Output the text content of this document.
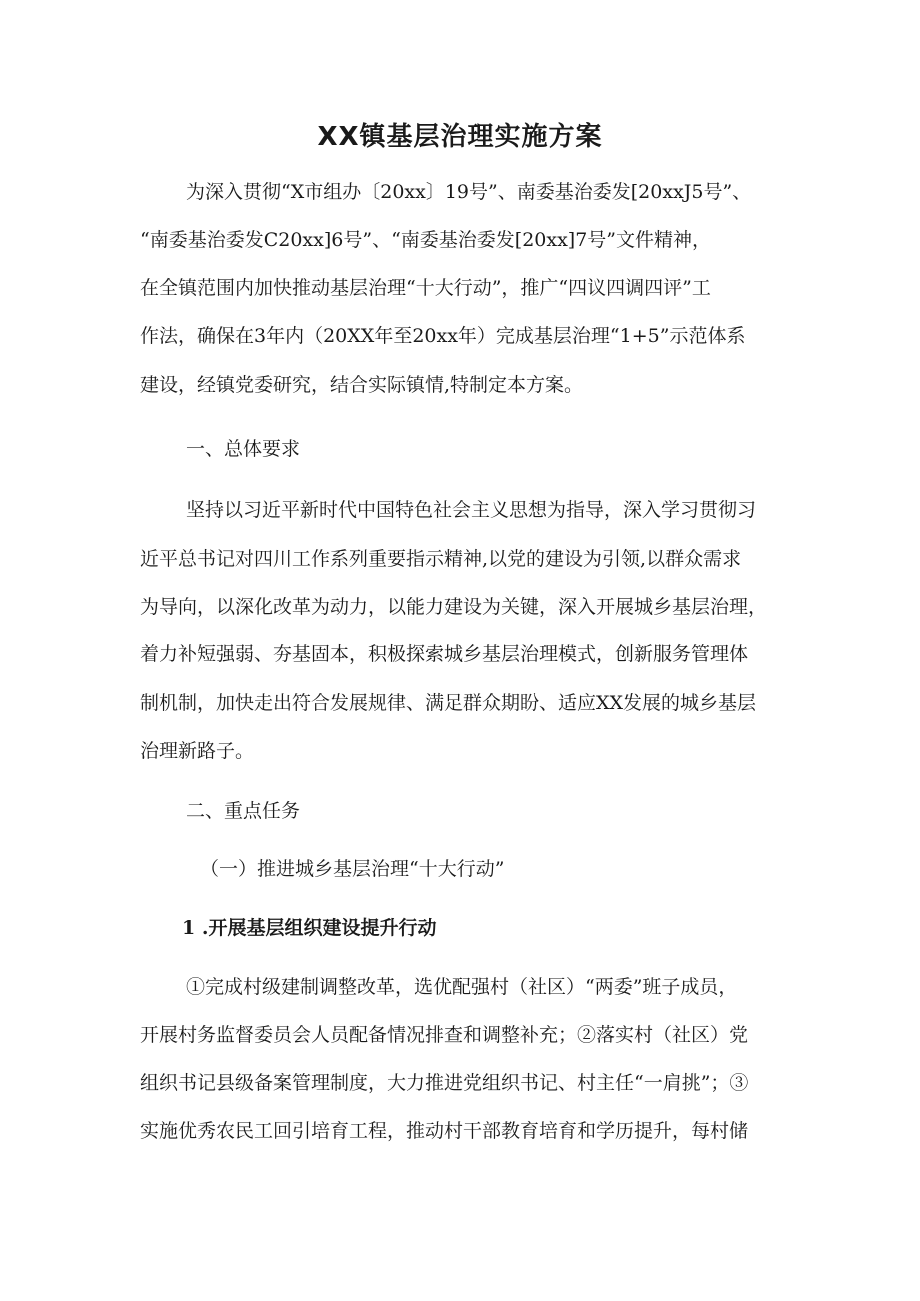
XX镇基层治理实施方案

为深入贯彻“X市组办〔20xx〕19号”、南委基治委发[20xxJ5号”、

“南委基治委发C20xx]6号”、“南委基治委发[20xx]7号”文件精神，

在全镇范围内加快推动基层治理“十大行动”，推广“四议四调四评”工

作法，确保在3年内（20XX年至20xx年）完成基层治理“1+5”示范体系

建设，经镇党委研究，结合实际镇情,特制定本方案。

一、总体要求

坚持以习近平新时代中国特色社会主义思想为指导，深入学习贯彻习

近平总书记对四川工作系列重要指示精神,以党的建设为引领,以群众需求

为导向，以深化改革为动力，以能力建设为关键，深入开展城乡基层治理，

着力补短强弱、夯基固本，积极探索城乡基层治理模式，创新服务管理体

制机制，加快走出符合发展规律、满足群众期盼、适应XX发展的城乡基层

治理新路子。

二、重点任务

（一）推进城乡基层治理“十大行动”

1 .开展基层组织建设提升行动

①完成村级建制调整改革，选优配强村（社区）“两委”班子成员，

开展村务监督委员会人员配备情况排查和调整补充；②落实村（社区）党

组织书记县级备案管理制度，大力推进党组织书记、村主任“一肩挑”；③

实施优秀农民工回引培育工程，推动村干部教育培育和学历提升，每村储
